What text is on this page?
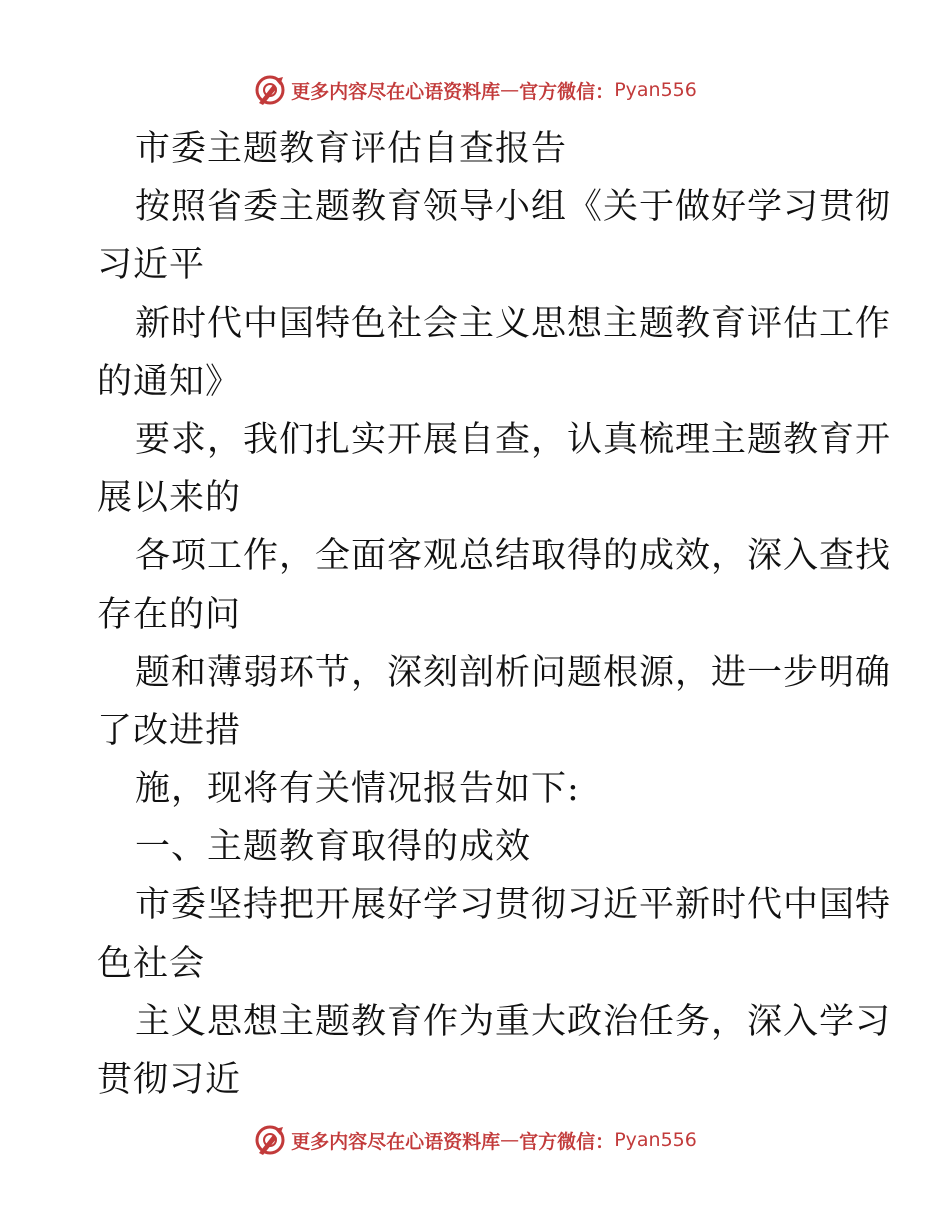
更多内容尽在心语资料库 — 官方微信： Pyan556
市委主题教育评估自查报告
按照省委主题教育领导小组《关于做好学习贯彻
习近平
新时代中国特色社会主义思想主题教育评估工作
的通知》
要求，我们扎实开展自查，认真梳理主题教育开
展以来的
各项工作，全面客观总结取得的成效，深入查找
存在的问
题和薄弱环节，深刻剖析问题根源，进一步明确
了改进措
施，现将有关情况报告如下:
一、主题教育取得的成效
市委坚持把开展好学习贯彻习近平新时代中国特
色社会
主义思想主题教育作为重大政治任务，深入学习
贯彻习近
更多内容尽在心语资料库 — 官方微信： Pyan556
